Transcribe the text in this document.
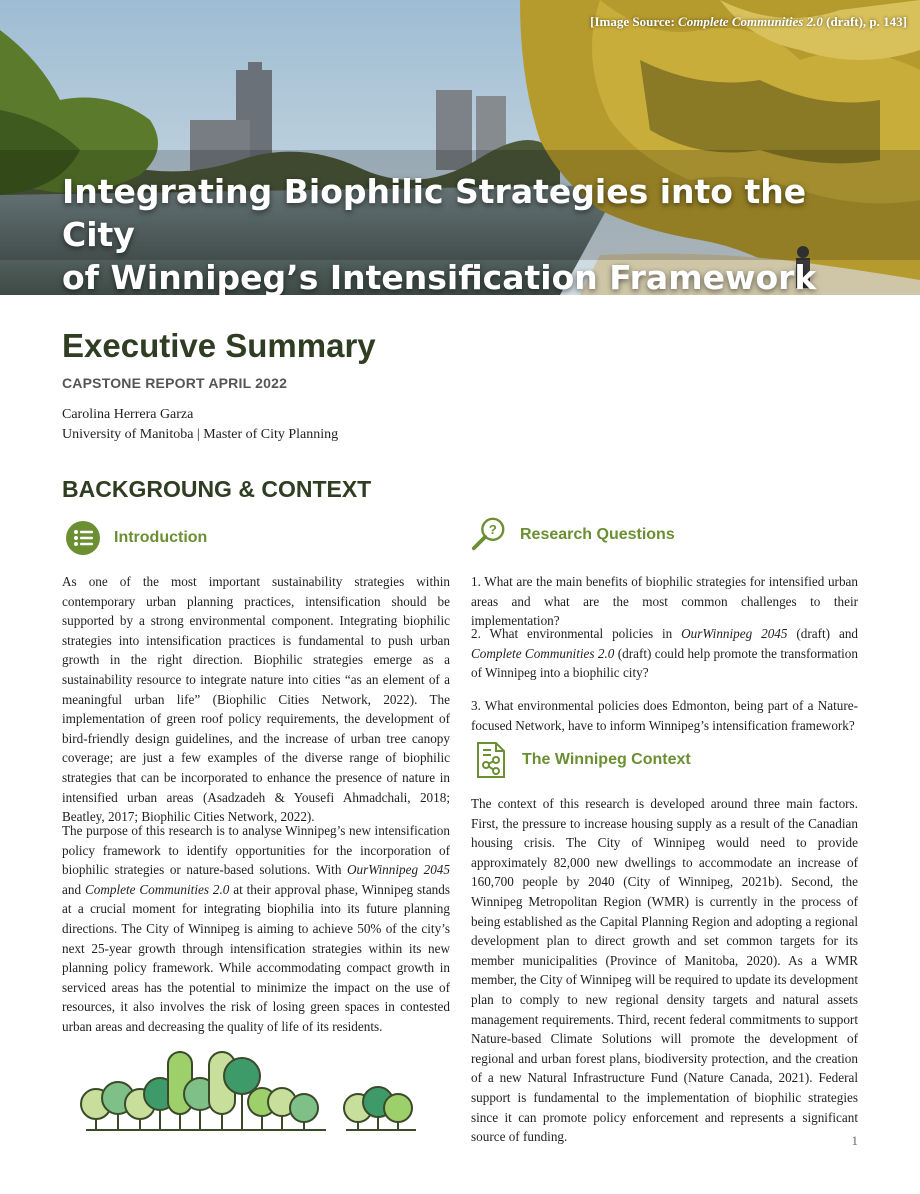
[Image Source: Complete Communities 2.0 (draft), p. 143]
Integrating Biophilic Strategies into the City
of Winnipeg’s Intensification Framework
Executive Summary
CAPSTONE REPORT APRIL 2022
Carolina Herrera Garza
University of Manitoba | Master of City Planning
BACKGROUNG & CONTEXT
Introduction
As one of the most important sustainability strategies within contemporary urban planning practices, intensification should be supported by a strong environmental component. Integrating biophilic strategies into intensification practices is fundamental to push urban growth in the right direction. Biophilic strategies emerge as a sustainability resource to integrate nature into cities “as an element of a meaningful urban life” (Biophilic Cities Network, 2022). The implementation of green roof policy requirements, the development of bird-friendly design guidelines, and the increase of urban tree canopy coverage; are just a few examples of the diverse range of biophilic strategies that can be incorporated to enhance the presence of nature in intensified urban areas (Asadzadeh & Yousefi Ahmadchali, 2018; Beatley, 2017; Biophilic Cities Network, 2022).
The purpose of this research is to analyse Winnipeg’s new intensification policy framework to identify opportunities for the incorporation of biophilic strategies or nature-based solutions. With OurWinnipeg 2045 and Complete Communities 2.0 at their approval phase, Winnipeg stands at a crucial moment for integrating biophilia into its future planning directions. The City of Winnipeg is aiming to achieve 50% of the city’s next 25-year growth through intensification strategies within its new planning policy framework. While accommodating compact growth in serviced areas has the potential to minimize the impact on the use of resources, it also involves the risk of losing green spaces in contested urban areas and decreasing the quality of life of its residents.
? Research Questions
1. What are the main benefits of biophilic strategies for intensified urban areas and what are the most common challenges to their implementation?
2. What environmental policies in OurWinnipeg 2045 (draft) and Complete Communities 2.0 (draft) could help promote the transformation of Winnipeg into a biophilic city?
3. What environmental policies does Edmonton, being part of a Nature-focused Network, have to inform Winnipeg’s intensification framework?
The Winnipeg Context
The context of this research is developed around three main factors. First, the pressure to increase housing supply as a result of the Canadian housing crisis. The City of Winnipeg would need to provide approximately 82,000 new dwellings to accommodate an increase of 160,700 people by 2040 (City of Winnipeg, 2021b). Second, the Winnipeg Metropolitan Region (WMR) is currently in the process of being established as the Capital Planning Region and adopting a regional development plan to direct growth and set common targets for its member municipalities (Province of Manitoba, 2020). As a WMR member, the City of Winnipeg will be required to update its development plan to comply to new regional density targets and natural assets management requirements. Third, recent federal commitments to support Nature-based Climate Solutions will promote the development of regional and urban forest plans, biodiversity protection, and the creation of a new Natural Infrastructure Fund (Nature Canada, 2021). Federal support is fundamental to the implementation of biophilic strategies since it can promote policy enforcement and represents a significant source of funding.	1
